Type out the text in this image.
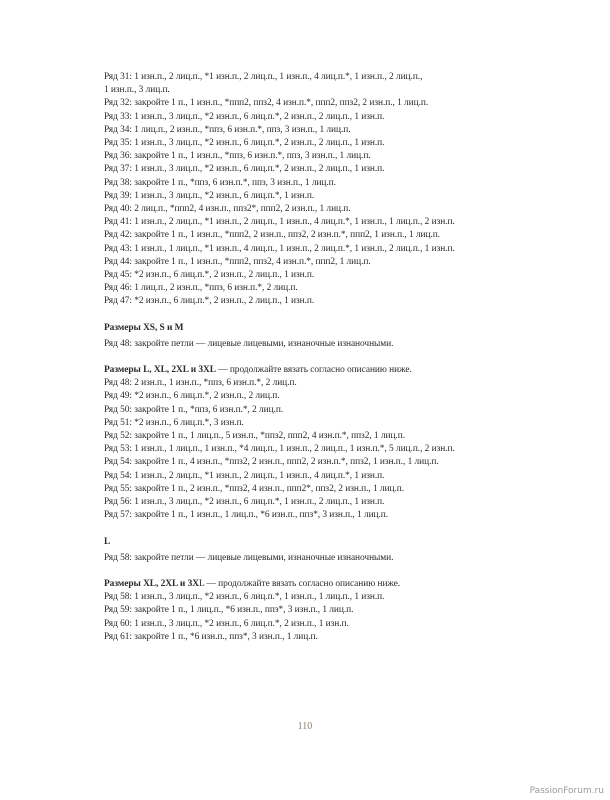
Ряд 31: 1 изн.п., 2 лиц.п., *1 изн.п., 2 лиц.п., 1 изн.п., 4 лиц.п.*, 1 изн.п., 2 лиц.п.,
1 изн.п., 3 лиц.п.
Ряд 32: закройте 1 п., 1 изн.п., *ппп2, ппз2, 4 изн.п.*, ппп2, ппз2, 2 изн.п., 1 лиц.п.
Ряд 33: 1 изн.п., 3 лиц.п., *2 изн.п., 6 лиц.п.*, 2 изн.п., 2 лиц.п., 1 изн.п.
Ряд 34: 1 лиц.п., 2 изн.п., *ппз, 6 изн.п.*, ппз, 3 изн.п., 1 лиц.п.
Ряд 35: 1 изн.п., 3 лиц.п., *2 изн.п., 6 лиц.п.*, 2 изн.п., 2 лиц.п., 1 изн.п.
Ряд 36: закройте 1 п., 1 изн.п., *ппз, 6 изн.п.*, ппз, 3 изн.п., 1 лиц.п.
Ряд 37: 1 изн.п., 3 лиц.п., *2 изн.п., 6 лиц.п.*, 2 изн.п., 2 лиц.п., 1 изн.п.
Ряд 38: закройте 1 п., *ппз, 6 изн.п.*, ппз, 3 изн.п., 1 лиц.п.
Ряд 39: 1 изн.п., 3 лиц.п., *2 изн.п., 6 лиц.п.*, 1 изн.п.
Ряд 40: 2 лиц.п., *ппп2, 4 изн.п., ппз2*, ппп2, 2 изн.п., 1 лиц.п.
Ряд 41: 1 изн.п., 2 лиц.п., *1 изн.п., 2 лиц.п., 1 изн.п., 4 лиц.п.*, 1 изн.п., 1 лиц.п., 2 изн.п.
Ряд 42: закройте 1 п., 1 изн.п., *ппп2, 2 изн.п., ппз2, 2 изн.п.*, ппп2, 1 изн.п., 1 лиц.п.
Ряд 43: 1 изн.п., 1 лиц.п., *1 изн.п., 4 лиц.п., 1 изн.п., 2 лиц.п.*, 1 изн.п., 2 лиц.п., 1 изн.п.
Ряд 44: закройте 1 п., 1 изн.п., *ппп2, ппз2, 4 изн.п.*, ппп2, 1 лиц.п.
Ряд 45: *2 изн.п., 6 лиц.п.*, 2 изн.п., 2 лиц.п., 1 изн.п.
Ряд 46: 1 лиц.п., 2 изн.п., *ппз, 6 изн.п.*, 2 лиц.п.
Ряд 47: *2 изн.п., 6 лиц.п.*, 2 изн.п., 2 лиц.п., 1 изн.п.
Размеры XS, S и M
Ряд 48: закройте петли — лицевые лицевыми, изнаночные изнаночными.
Размеры L, XL, 2XL и 3XL — продолжайте вязать согласно описанию ниже.
Ряд 48: 2 изн.п., 1 изн.п., *ппз, 6 изн.п.*, 2 лиц.п.
Ряд 49: *2 изн.п., 6 лиц.п.*, 2 изн.п., 2 лиц.п.
Ряд 50: закройте 1 п., *ппз, 6 изн.п.*, 2 лиц.п.
Ряд 51: *2 изн.п., 6 лиц.п.*, 3 изн.п.
Ряд 52: закройте 1 п., 1 лиц.п., 5 изн.п., *ппз2, ппп2, 4 изн.п.*, ппз2, 1 лиц.п.
Ряд 53: 1 изн.п., 1 лиц.п., 1 изн.п., *4 лиц.п., 1 изн.п., 2 лиц.п., 1 изн.п.*, 5 лиц.п., 2 изн.п.
Ряд 54: закройте 1 п., 4 изн.п., *ппз2, 2 изн.п., ппп2, 2 изн.п.*, ппз2, 1 изн.п., 1 лиц.п.
Ряд 54: 1 изн.п., 2 лиц.п., *1 изн.п., 2 лиц.п., 1 изн.п., 4 лиц.п.*, 1 изн.п.
Ряд 55: закройте 1 п., 2 изн.п., *ппз2, 4 изн.п., ппп2*, ппз2, 2 изн.п., 1 лиц.п.
Ряд 56: 1 изн.п., 3 лиц.п., *2 изн.п., 6 лиц.п.*, 1 изн.п., 2 лиц.п., 1 изн.п.
Ряд 57: закройте 1 п., 1 изн.п., 1 лиц.п., *6 изн.п., ппз*, 3 изн.п., 1 лиц.п.
L
Ряд 58: закройте петли — лицевые лицевыми, изнаночные изнаночными.
Размеры XL, 2XL и 3XL — продолжайте вязать согласно описанию ниже.
Ряд 58: 1 изн.п., 3 лиц.п., *2 изн.п., 6 лиц.п.*, 1 изн.п., 1 лиц.п., 1 изн.п.
Ряд 59: закройте 1 п., 1 лиц.п., *6 изн.п., ппз*, 3 изн.п., 1 лиц.п.
Ряд 60: 1 изн.п., 3 лиц.п., *2 изн.п., 6 лиц.п.*, 2 изн.п., 1 изн.п.
Ряд 61: закройте 1 п., *6 изн.п., ппз*, 3 изн.п., 1 лиц.п.
110
PassionForum.ru
